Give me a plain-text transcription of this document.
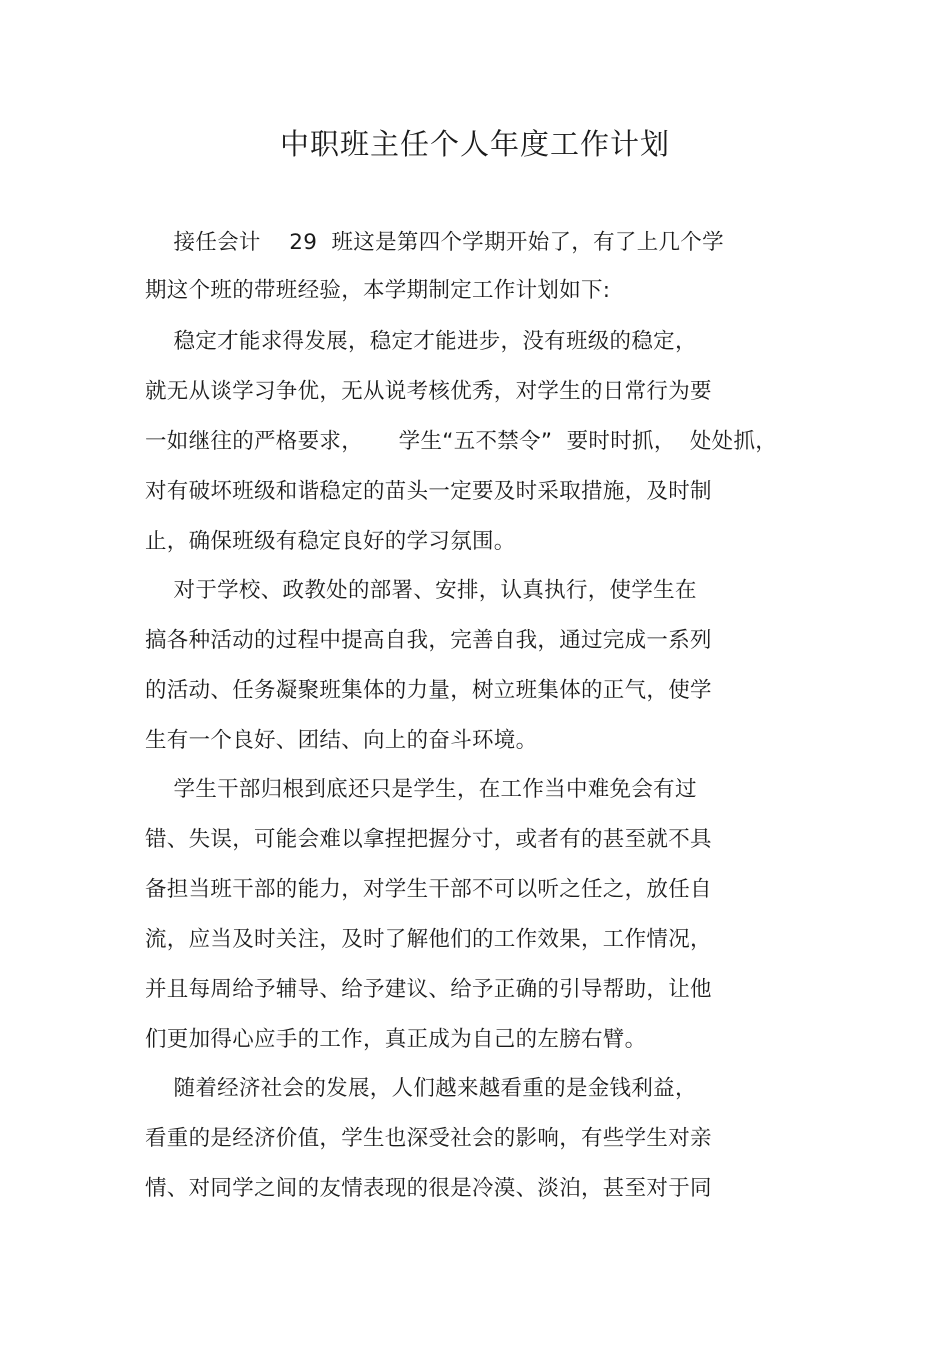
中职班主任个人年度工作计划
接任会计    29  班这是第四个学期开始了，有了上几个学
期这个班的带班经验，本学期制定工作计划如下:
稳定才能求得发展，稳定才能进步，没有班级的稳定，
就无从谈学习争优，无从说考核优秀，对学生的日常行为要
一如继往的严格要求，     学生“五不禁令”  要时时抓，  处处抓，
对有破坏班级和谐稳定的苗头一定要及时采取措施，及时制
止，确保班级有稳定良好的学习氛围。
对于学校、政教处的部署、安排，认真执行，使学生在
搞各种活动的过程中提高自我，完善自我，通过完成一系列
的活动、任务凝聚班集体的力量，树立班集体的正气，使学
生有一个良好、团结、向上的奋斗环境。
学生干部归根到底还只是学生，在工作当中难免会有过
错、失误，可能会难以拿捏把握分寸，或者有的甚至就不具
备担当班干部的能力，对学生干部不可以听之任之，放任自
流，应当及时关注，及时了解他们的工作效果，工作情况，
并且每周给予辅导、给予建议、给予正确的引导帮助，让他
们更加得心应手的工作，真正成为自己的左膀右臂。
随着经济社会的发展，人们越来越看重的是金钱利益，
看重的是经济价值，学生也深受社会的影响，有些学生对亲
情、对同学之间的友情表现的很是冷漠、淡泊，甚至对于同
